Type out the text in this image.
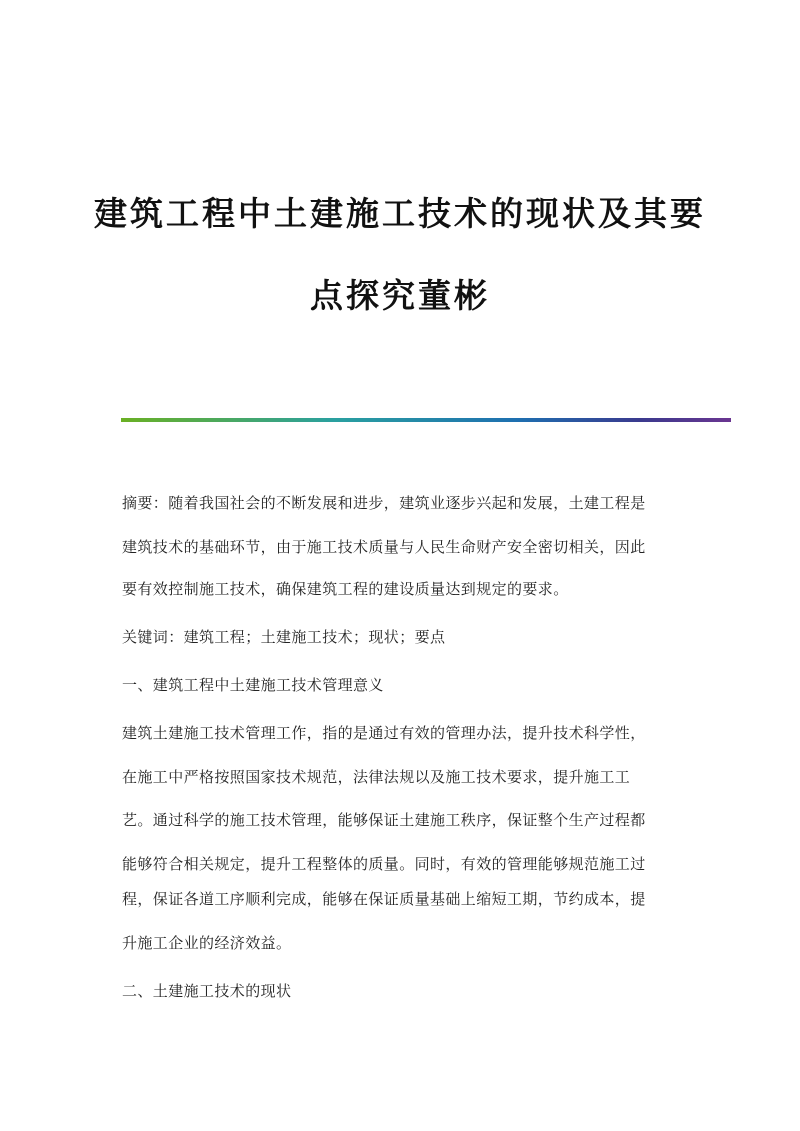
建筑工程中土建施工技术的现状及其要
点探究董彬
摘要：随着我国社会的不断发展和进步，建筑业逐步兴起和发展，土建工程是
建筑技术的基础环节，由于施工技术质量与人民生命财产安全密切相关，因此
要有效控制施工技术，确保建筑工程的建设质量达到规定的要求。
关键词：建筑工程；土建施工技术；现状；要点
一、建筑工程中土建施工技术管理意义
建筑土建施工技术管理工作，指的是通过有效的管理办法，提升技术科学性，
在施工中严格按照国家技术规范，法律法规以及施工技术要求，提升施工工
艺。通过科学的施工技术管理，能够保证土建施工秩序，保证整个生产过程都
能够符合相关规定，提升工程整体的质量。同时，有效的管理能够规范施工过
程，保证各道工序顺利完成，能够在保证质量基础上缩短工期，节约成本，提
升施工企业的经济效益。
二、土建施工技术的现状
